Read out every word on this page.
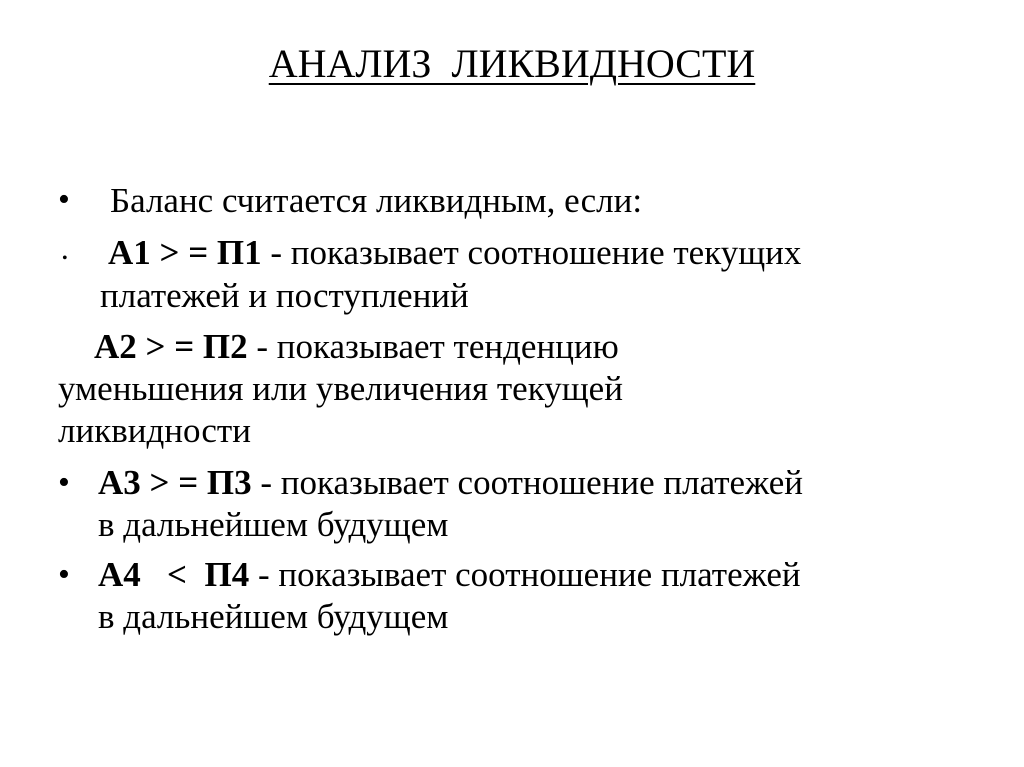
АНАЛИЗ  ЛИКВИДНОСТИ
• Баланс считается ликвидным, если:
• А1 > = П1 - показывает соотношение текущих
платежей и поступлений
А2 > = П2 - показывает тенденцию
уменьшения или увеличения текущей
ликвидности
• А3 > = П3 - показывает соотношение платежей
в дальнейшем будущем
• А4   <  П4 - показывает соотношение платежей
в дальнейшем будущем
